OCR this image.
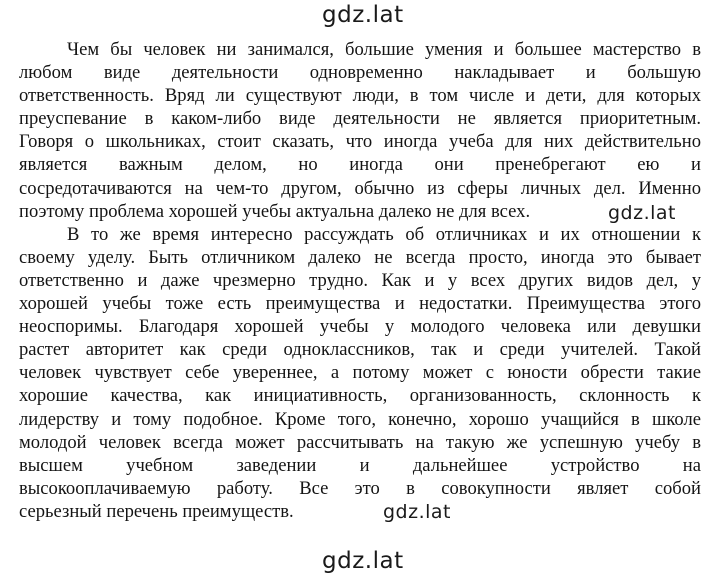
gdz.lat
Чем бы человек ни занимался, большие умения и большее мастерство в
любом виде деятельности одновременно накладывает и большую
ответственность. Вряд ли существуют люди, в том числе и дети, для которых
преуспевание в каком-либо виде деятельности не является приоритетным.
Говоря о школьниках, стоит сказать, что иногда учеба для них действительно
является важным делом, но иногда они пренебрегают ею и
сосредотачиваются на чем-то другом, обычно из сферы личных дел. Именно
поэтому проблема хорошей учебы актуальна далеко не для всех.
В то же время интересно рассуждать об отличниках и их отношении к
своему уделу. Быть отличником далеко не всегда просто, иногда это бывает
ответственно и даже чрезмерно трудно. Как и у всех других видов дел, у
хорошей учебы тоже есть преимущества и недостатки. Преимущества этого
неоспоримы. Благодаря хорошей учебы у молодого человека или девушки
растет авторитет как среди одноклассников, так и среди учителей. Такой
человек чувствует себе увереннее, а потому может с юности обрести такие
хорошие качества, как инициативность, организованность, склонность к
лидерству и тому подобное. Кроме того, конечно, хорошо учащийся в школе
молодой человек всегда может рассчитывать на такую же успешную учебу в
высшем учебном заведении и дальнейшее устройство на
высокооплачиваемую работу. Все это в совокупности являет собой
серьезный перечень преимуществ.
gdz.lat
gdz.lat
gdz.lat
